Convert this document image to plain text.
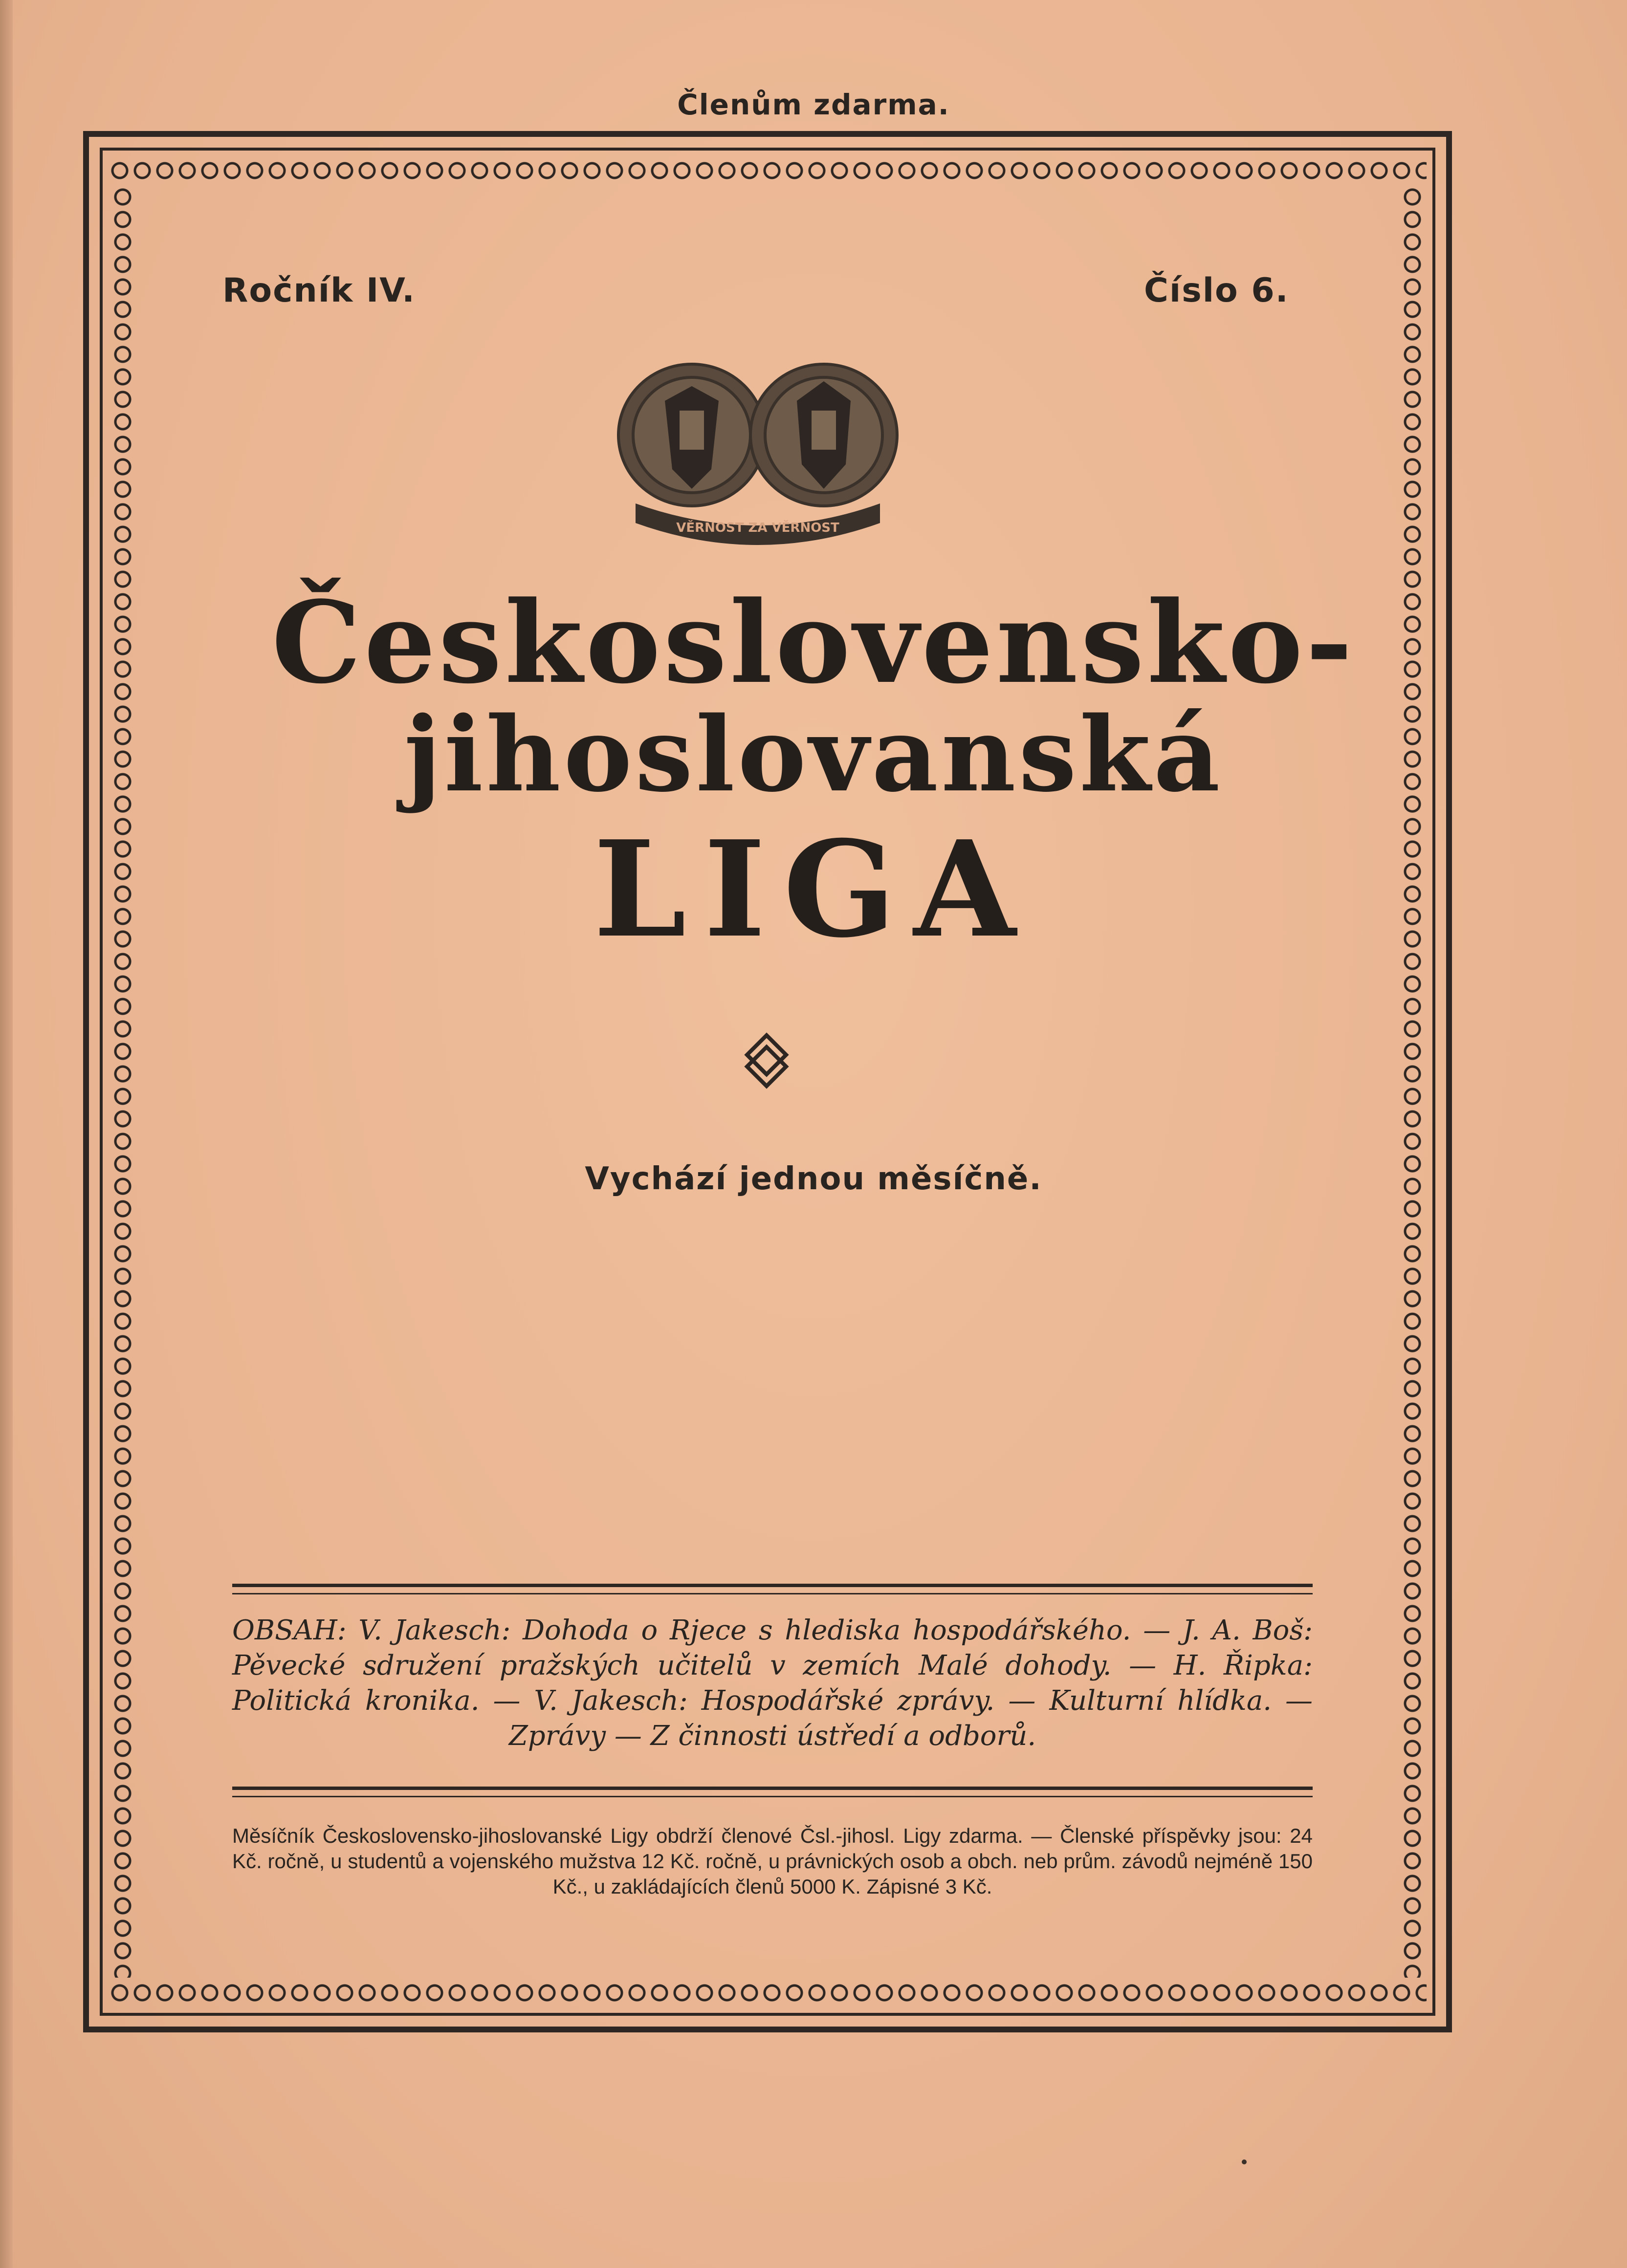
Členům zdarma.
Ročník IV.	Číslo 6.
VĚRNOST ZA VĚRNOST
Československo-
jihoslovanská
LIGA
Vychází jednou měsíčně.
OBSAH: V. Jakesch: Dohoda o Rjece s hlediska hospodářského. — J. A. Boš: Pěvecké sdružení pražských učitelů v zemích Malé dohody. — H. Řipka: Politická kronika. — V. Jakesch: Hospodářské zprávy. — Kulturní hlídka. — Zprávy — Z činnosti ústředí a odborů.
Měsíčník Československo-jihoslovanské Ligy obdrží členové Čsl.-jihosl. Ligy zdarma. — Členské příspěvky jsou: 24 Kč. ročně, u studentů a vojenského mužstva 12 Kč. ročně, u právnických osob a obch. neb prům. závodů nejméně 150 Kč., u zakládajících členů 5000 K. Zápisné 3 Kč.
